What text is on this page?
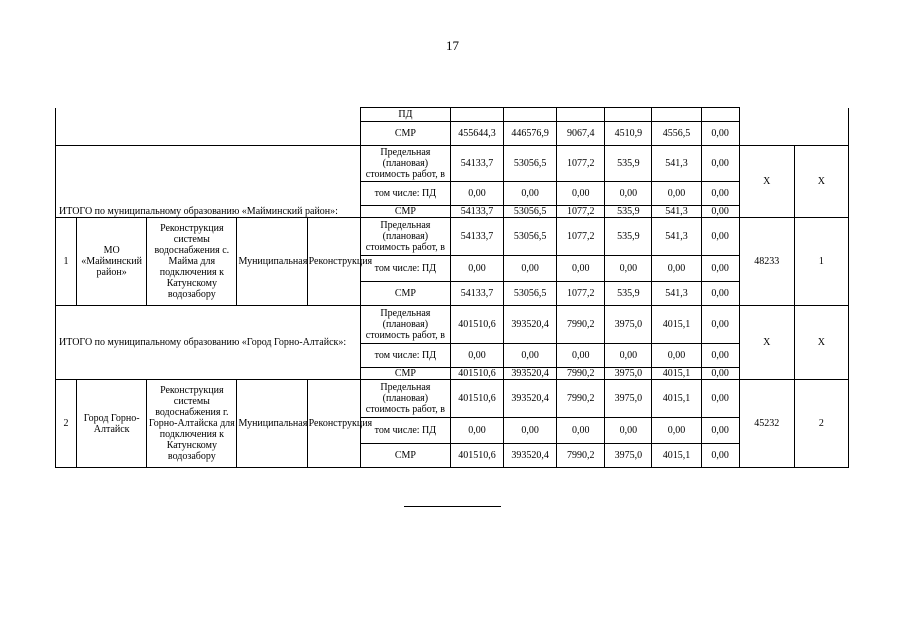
17
					ПД								
					СМР	455644,3	446576,9	9067,4	4510,9	4556,5	0,00		
ИТОГО по муниципальному образованию «Майминский район»:					Предельная (плановая) стоимость работ, в	54133,7	53056,5	1077,2	535,9	541,3	0,00	Х	Х
					том числе: ПД	0,00	0,00	0,00	0,00	0,00	0,00		
					СМР	54133,7	53056,5	1077,2	535,9	541,3	0,00		
1	МО «Майминский район»	Реконструкция системы водоснабжения с. Майма для подключения к Катунскому водозабору	Муниципальная	Реконструкция	Предельная (плановая) стоимость работ, в	54133,7	53056,5	1077,2	535,9	541,3	0,00	48233	1
					том числе: ПД	0,00	0,00	0,00	0,00	0,00	0,00		
					СМР	54133,7	53056,5	1077,2	535,9	541,3	0,00		
ИТОГО по муниципальному образованию «Город Горно-Алтайск»:					Предельная (плановая) стоимость работ, в	401510,6	393520,4	7990,2	3975,0	4015,1	0,00	Х	Х
					том числе: ПД	0,00	0,00	0,00	0,00	0,00	0,00		
					СМР	401510,6	393520,4	7990,2	3975,0	4015,1	0,00		
2	Город Горно-Алтайск	Реконструкция системы водоснабжения г. Горно-Алтайска для подключения к Катунскому водозабору	Муниципальная	Реконструкция	Предельная (плановая) стоимость работ, в	401510,6	393520,4	7990,2	3975,0	4015,1	0,00	45232	2
					том числе: ПД	0,00	0,00	0,00	0,00	0,00	0,00		
					СМР	401510,6	393520,4	7990,2	3975,0	4015,1	0,00		
